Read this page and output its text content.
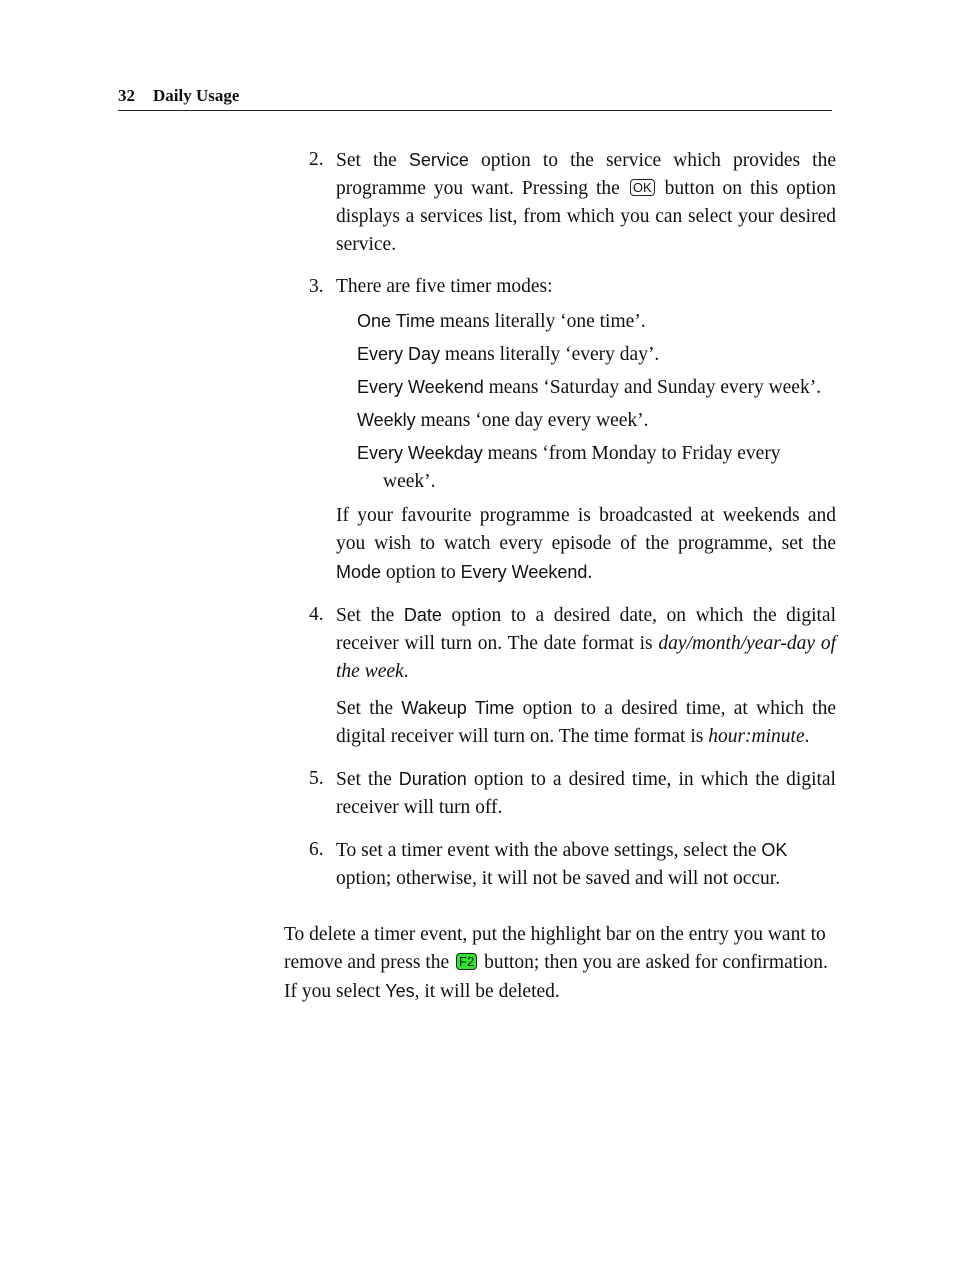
32 Daily Usage
2. Set the Service option to the service which provides the programme you want. Pressing the OK button on this option displays a services list, from which you can select your desired service.

3. There are five timer modes:

One Time means literally ‘one time’.
Every Day means literally ‘every day’.
Every Weekend means ‘Saturday and Sunday every week’.
Weekly means ‘one day every week’.
Every Weekday means ‘from Monday to Friday every week’.

If your favourite programme is broadcasted at weekends and you wish to watch every episode of the programme, set the Mode option to Every Weekend.

4. Set the Date option to a desired date, on which the digital receiver will turn on. The date format is day/month/year-day of the week.

Set the Wakeup Time option to a desired time, at which the digital receiver will turn on. The time format is hour:minute.

5. Set the Duration option to a desired time, in which the digital receiver will turn off.

6. To set a timer event with the above settings, select the OK option; otherwise, it will not be saved and will not occur.

To delete a timer event, put the highlight bar on the entry you want to remove and press the F2 button; then you are asked for confirmation. If you select Yes, it will be deleted.
